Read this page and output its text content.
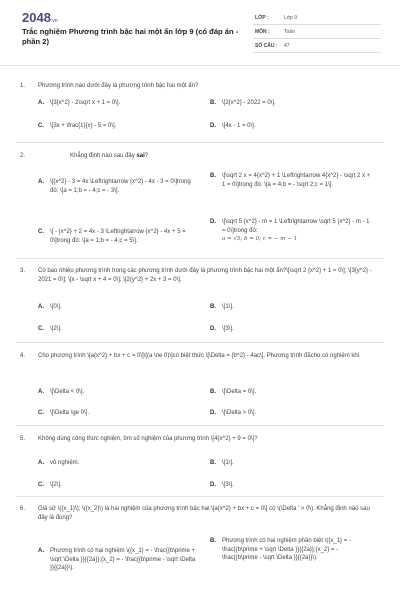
2048.vn
Trắc nghiệm Phương trình bậc hai một ẩn lớp 9 (có đáp án - phần 2)
LỚP :	Lớp 9
MÔN :	Toán
SỐ CÂU : 47
1. Phương trình nào dưới đây là phương trình bậc hai một ẩn?
A. \[3{x^2} - 2\sqrt x + 1 = 0\].	B. \[2{x^2} - 2022 = 0\].
C. \[3x + \frac{1}{x} - 5 = 0\].	D. \[4x - 1 = 0\].
2.	Khẳng định nào sau đây sai?
A. \[{x^2} - 3 = 4x \Leftrightarrow {x^2} - 4x - 3 = 0\]trong đó: \[a = 1;b = - 4;c = - 3\].
B. \[\sqrt 2 x = 4{x^2} + 1 \Leftrightarrow 4{x^2} - \sqrt 2 x + 1 = 0\]trong đó: \[a = 4;b = - \sqrt 2;c = 1\].
C. \[ - {x^2} + 2 = 4x - 3 \Leftrightarrow {x^2} - 4x + 5 = 0\]trong đó: \[a = 1;b = - 4;c = 5\].
D. \[\sqrt 5 {x^2} - m = 1 \Leftrightarrow \sqrt 5 {x^2} - m - 1 = 0\]trong đó:
a = √5; b = 0; c = − m − 1
3. Có bao nhiêu phương trình trong các phương trình dưới đây là phương trình bậc hai một ẩn?\[\sqrt 2 {x^2} + 1 = 0\]; \[3{y^2} - 2021 = 0\]; \[x - \sqrt x + 4 = 0\]; \[2{y^2} + 2x + 3 = 0\].
A. \[0\].	B. \[1\].
C. \[2\].	D. \[3\].
4. Cho phương trình \[a{x^2} + bx + c = 0\]\[(a \ne 0)\]có biệt thức \[\Delta = {b^2} - 4ac\]. Phương trình đãcho có nghiệm khi
A. \[\Delta < 0\].	B. \[\Delta = 0\].
C. \[\Delta \ge 0\].	D. \[\Delta > 0\].
5. Không dùng công thức nghiệm, tìm số nghiệm của phương trình \[4{x^2} + 9 = 0\]?
A. vô nghiệm.	B. \[1\].
C. \[2\].	D. \[3\].
6. Giả sử \({x_1}\); \({x_2}\) là hai nghiệm của phương trình bậc hai \[a{x^2} + bx + c = 0\] có \(\Delta ' > 0\). Khẳng định nào sau đây là đúng?
A. Phương trình có hai nghiệm \({x_1} = - \frac{{b\prime + \sqrt \Delta }}{{2a}};{x_2} = - \frac{{b\prime - \sqrt \Delta }}{{2a}}\).
B. Phương trình có hai nghiệm phân biệt \({x_1} = - \frac{{b\prime + \sqrt \Delta }}{{2a}};{x_2} = - \frac{{b\prime - \sqrt \Delta }}{{2a}}\).
